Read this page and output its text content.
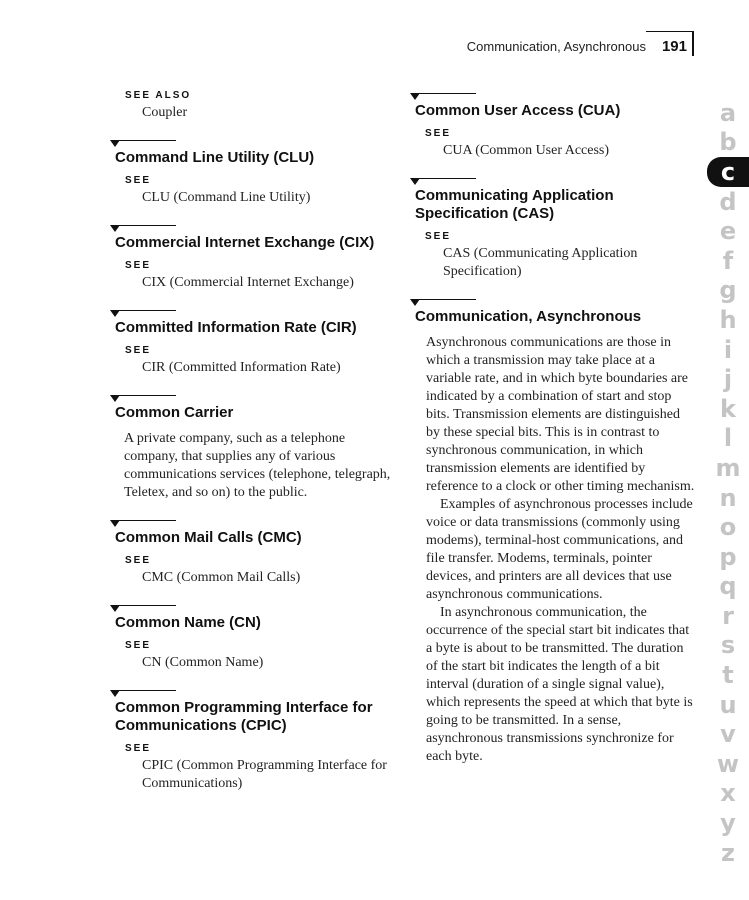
Communication, Asynchronous 191
SEE ALSO
Coupler
Command Line Utility (CLU)
SEE
CLU (Command Line Utility)
Commercial Internet Exchange (CIX)
SEE
CIX (Commercial Internet Exchange)
Committed Information Rate (CIR)
SEE
CIR (Committed Information Rate)
Common Carrier

A private company, such as a telephone company, that supplies any of various communications services (telephone, telegraph, Teletex, and so on) to the public.

Common Mail Calls (CMC)
SEE
CMC (Common Mail Calls)
Common Name (CN)
SEE
CN (Common Name)
Common Programming Interface for Communications (CPIC)
SEE
CPIC (Common Programming Interface for Communications)
Common User Access (CUA)
SEE
CUA (Common User Access)
Communicating Application Specification (CAS)
SEE
CAS (Communicating Application Specification)
Communication, Asynchronous

Asynchronous communications are those in which a transmission may take place at a variable rate, and in which byte boundaries are indicated by a combination of start and stop bits. Transmission elements are distinguished by these special bits. This is in contrast to synchronous communication, in which transmission elements are identified by reference to a clock or other timing mechanism.

Examples of asynchronous processes include voice or data transmissions (commonly using modems), terminal-host communications, and file transfer. Modems, terminals, pointer devices, and printers are all devices that use asynchronous communications.

In asynchronous communication, the occurrence of the special start bit indicates that a byte is about to be transmitted. The duration of the start bit indicates the length of a bit interval (duration of a single signal value), which represents the speed at which that byte is going to be transmitted. In a sense, asynchronous transmissions synchronize for each byte.

a
b
c
d
e
f
g
h
i
j
k
l
m
n
o
p
q
r
s
t
u
v
w
x
y
z
